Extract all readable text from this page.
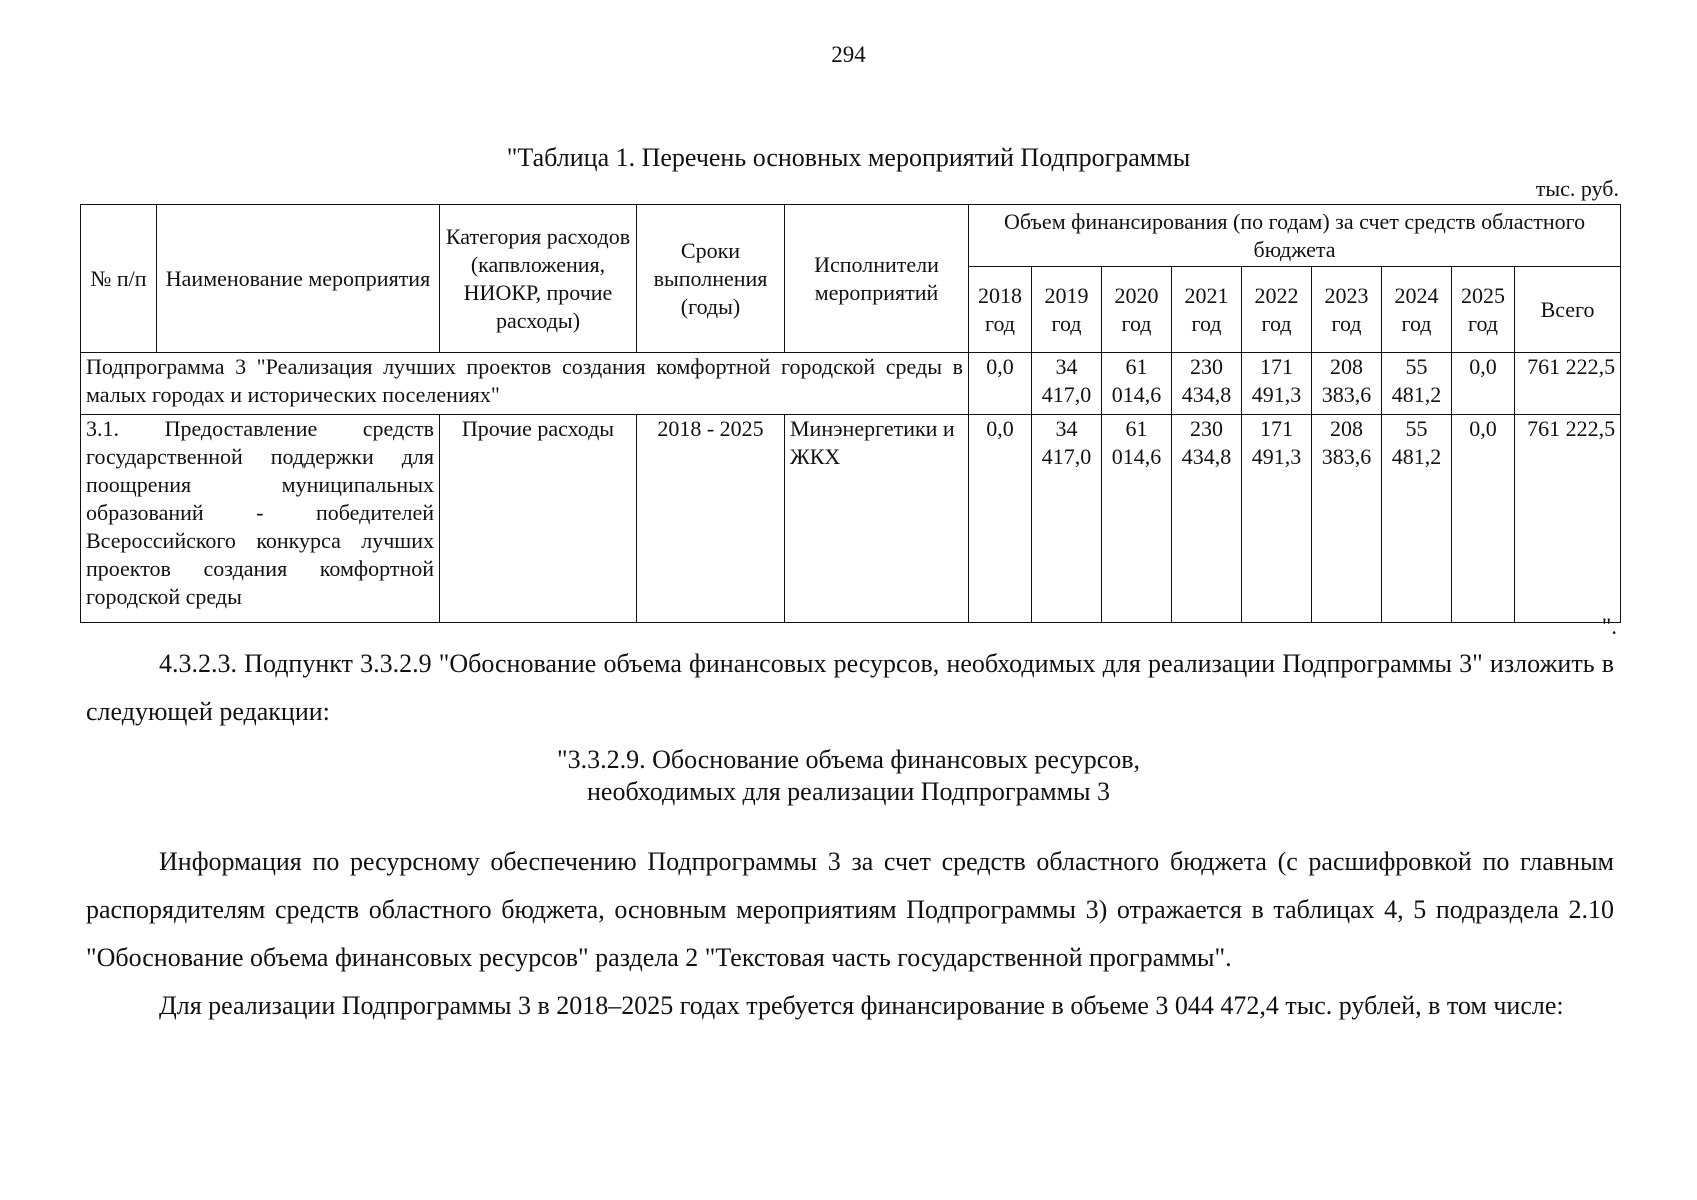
294
"Таблица 1. Перечень основных мероприятий Подпрограммы
тыс. руб.
№ п/п	Наименование мероприятия	Категория расходов (капвложения, НИОКР, прочие расходы)	Сроки выполнения (годы)	Исполнители мероприятий	Объем финансирования (по годам) за счет средств областного бюджета								
					2018 год	2019 год	2020 год	2021 год	2022 год	2023 год	2024 год	2025 год	Всего
Подпрограмма 3 "Реализация лучших проектов создания комфортной городской среды в малых городах и исторических поселениях"					0,0	34 417,0	61 014,6	230 434,8	171 491,3	208 383,6	55 481,2	0,0	761 222,5
3.1. Предоставление средств государственной поддержки для поощрения муниципальных образований - победителей Всероссийского конкурса лучших проектов создания комфортной городской среды		Прочие расходы	2018 - 2025	Минэнергетики и ЖКХ	0,0	34 417,0	61 014,6	230 434,8	171 491,3	208 383,6	55 481,2	0,0	761 222,5
".

4.3.2.3. Подпункт 3.3.2.9 "Обоснование объема финансовых ресурсов, необходимых для реализации Подпрограммы 3" изложить в следующей редакции:

"3.3.2.9. Обоснование объема финансовых ресурсов,
необходимых для реализации Подпрограммы 3

Информация по ресурсному обеспечению Подпрограммы 3 за счет средств областного бюджета (с расшифровкой по главным распорядителям средств областного бюджета, основным мероприятиям Подпрограммы 3) отражается в таблицах 4, 5 подраздела 2.10 "Обоснование объема финансовых ресурсов" раздела 2 "Текстовая часть государственной программы".

Для реализации Подпрограммы 3 в 2018–2025 годах требуется финансирование в объеме 3 044 472,4 тыс. рублей, в том числе:
